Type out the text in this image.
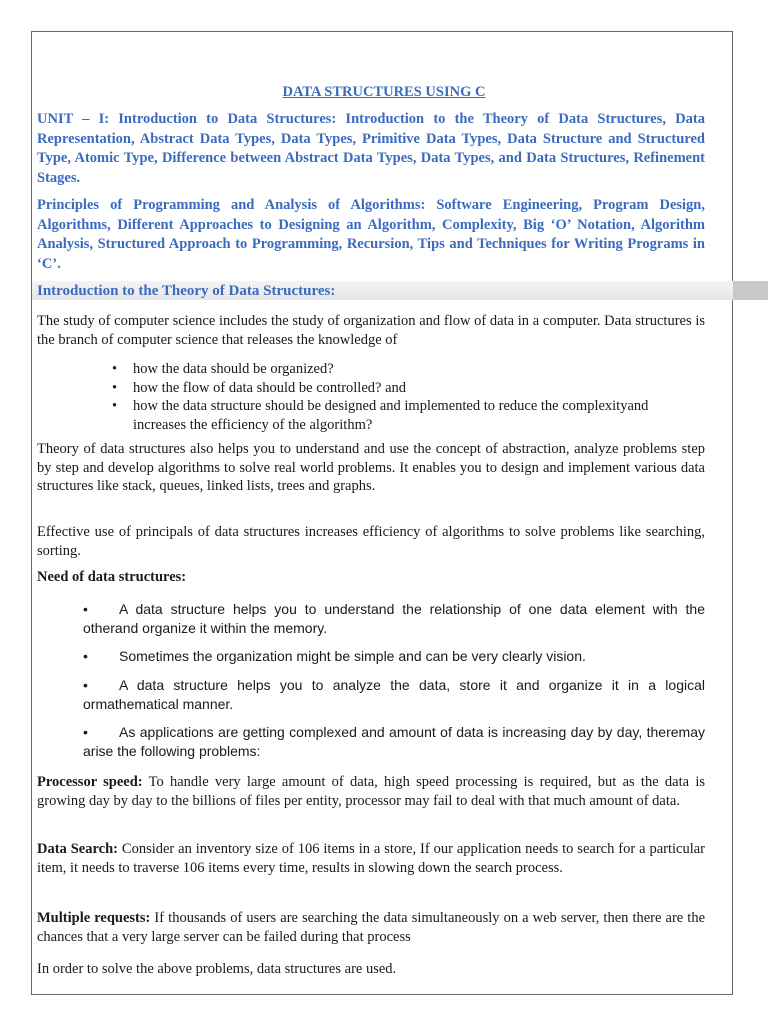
DATA STRUCTURES USING C

UNIT – I: Introduction to Data Structures: Introduction to the Theory of Data Structures, Data Representation, Abstract Data Types, Data Types, Primitive Data Types, Data Structure and Structured Type, Atomic Type, Difference between Abstract Data Types, Data Types, and Data Structures, Refinement Stages.

Principles of Programming and Analysis of Algorithms: Software Engineering, Program Design, Algorithms, Different Approaches to Designing an Algorithm, Complexity, Big ‘O’ Notation, Algorithm Analysis, Structured Approach to Programming, Recursion, Tips and Techniques for Writing Programs in ‘C’.

Introduction to the Theory of Data Structures:

The study of computer science includes the study of organization and flow of data in a computer. Data structures is the branch of computer science that releases the knowledge of

• how the data should be organized?
• how the flow of data should be controlled? and
• how the data structure should be designed and implemented to reduce the complexityand increases the efficiency of the algorithm?

Theory of data structures also helps you to understand and use the concept of abstraction, analyze problems step by step and develop algorithms to solve real world problems. It enables you to design and implement various data structures like stack, queues, linked lists, trees and graphs.

Effective use of principals of data structures increases efficiency of algorithms to solve problems like searching, sorting.

Need of data structures:

• A data structure helps you to understand the relationship of one data element with the otherand organize it within the memory.

• Sometimes the organization might be simple and can be very clearly vision.

• A data structure helps you to analyze the data, store it and organize it in a logical ormathematical manner.

• As applications are getting complexed and amount of data is increasing day by day, theremay arise the following problems:

Processor speed: To handle very large amount of data, high speed processing is required, but as the data is growing day by day to the billions of files per entity, processor may fail to deal with that much amount of data.

Data Search: Consider an inventory size of 106 items in a store, If our application needs to search for a particular item, it needs to traverse 106 items every time, results in slowing down the search process.

Multiple requests: If thousands of users are searching the data simultaneously on a web server, then there are the chances that a very large server can be failed during that process

In order to solve the above problems, data structures are used.
